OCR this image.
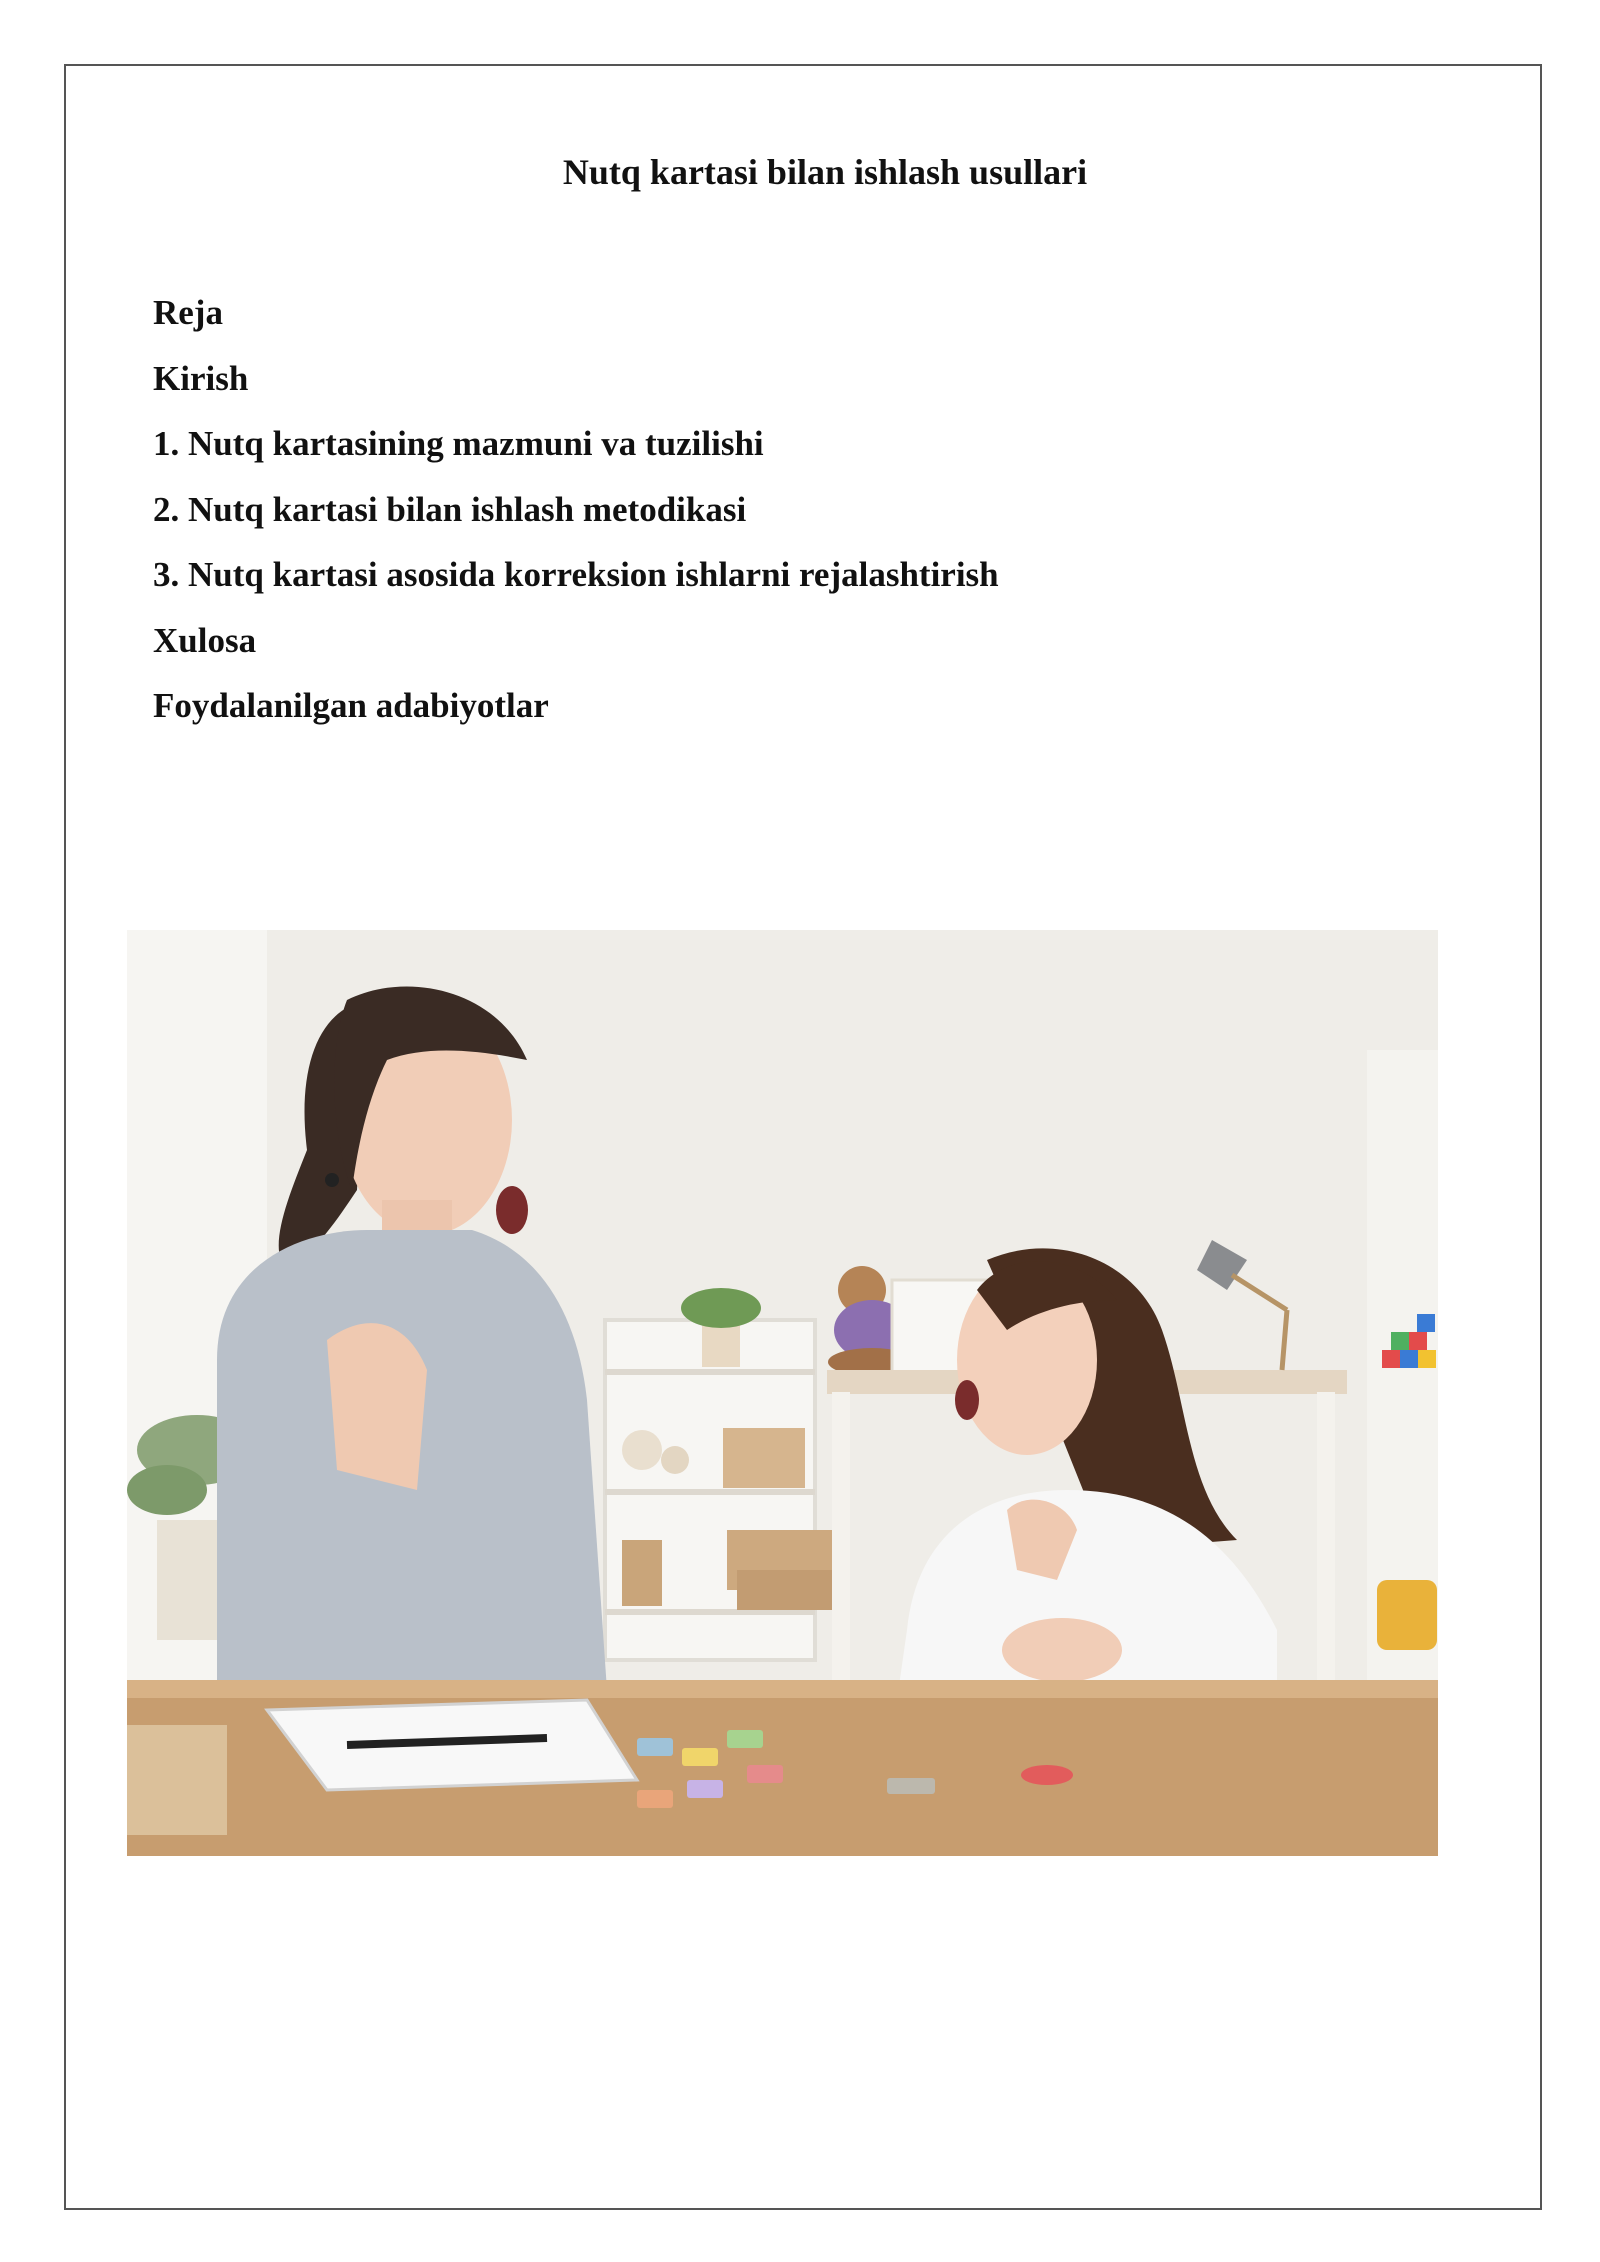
Nutq kartasi bilan ishlash usullari
Reja
Kirish
1. Nutq kartasining mazmuni va tuzilishi
2. Nutq kartasi bilan ishlash metodikasi
3. Nutq kartasi asosida korreksion ishlarni rejalashtirish
Xulosa
Foydalanilgan adabiyotlar
